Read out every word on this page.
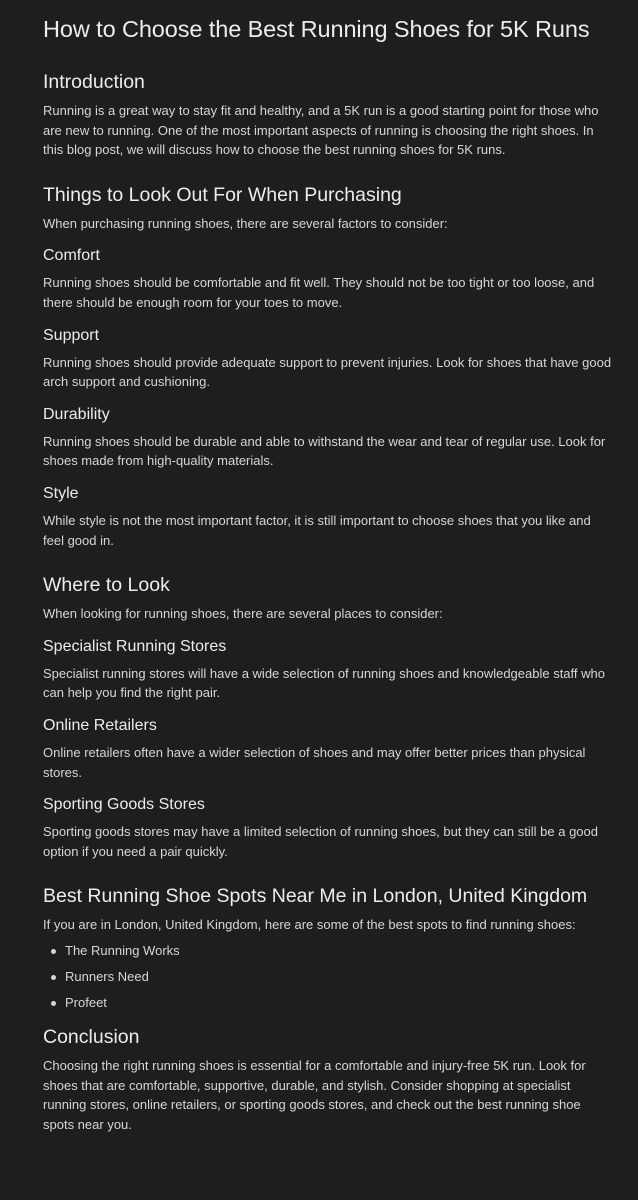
How to Choose the Best Running Shoes for 5K Runs
Introduction

Running is a great way to stay fit and healthy, and a 5K run is a good starting point for those who are new to running. One of the most important aspects of running is choosing the right shoes. In this blog post, we will discuss how to choose the best running shoes for 5K runs.

Things to Look Out For When Purchasing

When purchasing running shoes, there are several factors to consider:

Comfort

Running shoes should be comfortable and fit well. They should not be too tight or too loose, and there should be enough room for your toes to move.

Support

Running shoes should provide adequate support to prevent injuries. Look for shoes that have good arch support and cushioning.

Durability

Running shoes should be durable and able to withstand the wear and tear of regular use. Look for shoes made from high-quality materials.

Style

While style is not the most important factor, it is still important to choose shoes that you like and feel good in.

Where to Look

When looking for running shoes, there are several places to consider:

Specialist Running Stores

Specialist running stores will have a wide selection of running shoes and knowledgeable staff who can help you find the right pair.

Online Retailers

Online retailers often have a wider selection of shoes and may offer better prices than physical stores.

Sporting Goods Stores

Sporting goods stores may have a limited selection of running shoes, but they can still be a good option if you need a pair quickly.

Best Running Shoe Spots Near Me in London, United Kingdom

If you are in London, United Kingdom, here are some of the best spots to find running shoes:

The Running Works
Runners Need
Profeet
Conclusion

Choosing the right running shoes is essential for a comfortable and injury-free 5K run. Look for shoes that are comfortable, supportive, durable, and stylish. Consider shopping at specialist running stores, online retailers, or sporting goods stores, and check out the best running shoe spots near you.
